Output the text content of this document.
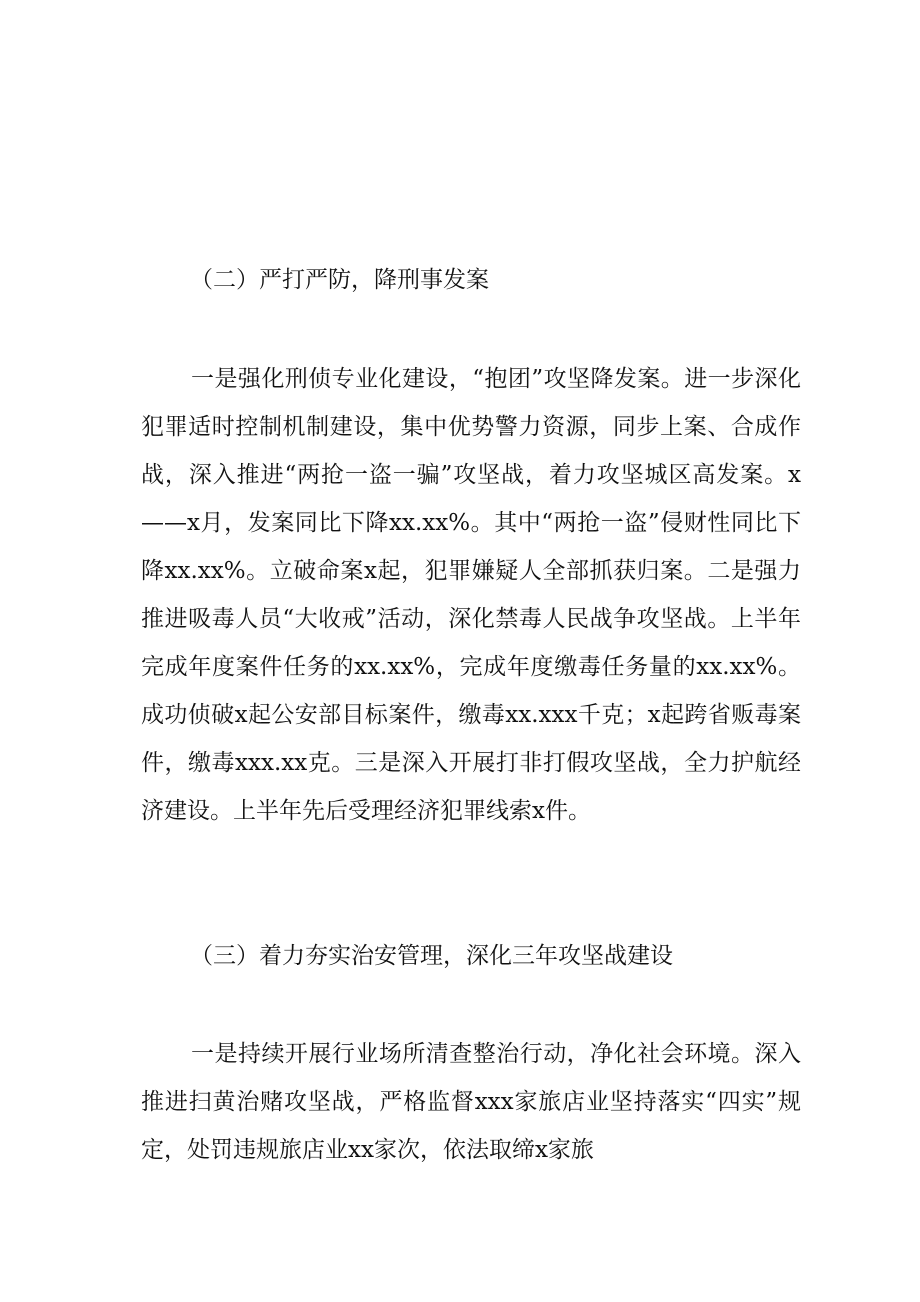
（二）严打严防，降刑事发案

一是强化刑侦专业化建设，“抱团”攻坚降发案。进一步深化犯罪适时控制机制建设，集中优势警力资源，同步上案、合成作战，深入推进“两抢一盗一骗”攻坚战，着力攻坚城区高发案。x——x月，发案同比下降xx.xx%。其中“两抢一盗”侵财性同比下降xx.xx%。立破命案x起，犯罪嫌疑人全部抓获归案。二是强力推进吸毒人员“大收戒”活动，深化禁毒人民战争攻坚战。上半年完成年度案件任务的xx.xx%，完成年度缴毒任务量的xx.xx%。成功侦破x起公安部目标案件，缴毒xx.xxx千克；x起跨省贩毒案件，缴毒xxx.xx克。三是深入开展打非打假攻坚战，全力护航经济建设。上半年先后受理经济犯罪线索x件。

（三）着力夯实治安管理，深化三年攻坚战建设

一是持续开展行业场所清查整治行动，净化社会环境。深入推进扫黄治赌攻坚战，严格监督xxx家旅店业坚持落实“四实”规定，处罚违规旅店业xx家次，依法取缔x家旅
